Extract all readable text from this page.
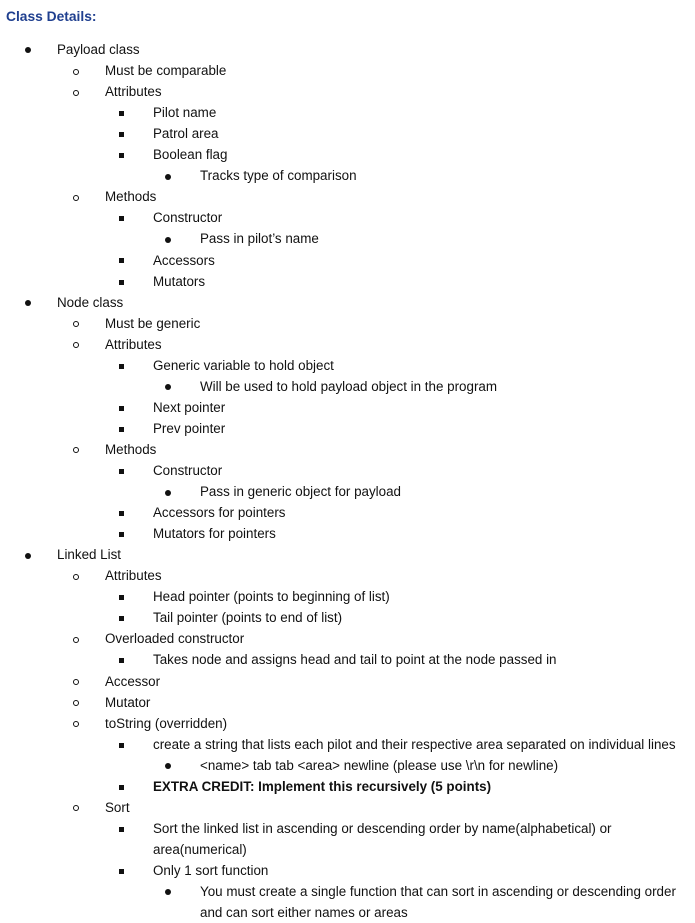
Class Details:
Payload class
Must be comparable
Attributes
Pilot name
Patrol area
Boolean flag
Tracks type of comparison
Methods
Constructor
Pass in pilot’s name
Accessors
Mutators
Node class
Must be generic
Attributes
Generic variable to hold object
Will be used to hold payload object in the program
Next pointer
Prev pointer
Methods
Constructor
Pass in generic object for payload
Accessors for pointers
Mutators for pointers
Linked List
Attributes
Head pointer (points to beginning of list)
Tail pointer (points to end of list)
Overloaded constructor
Takes node and assigns head and tail to point at the node passed in
Accessor
Mutator
toString (overridden)
create a string that lists each pilot and their respective area separated on individual lines
<name> tab tab <area> newline (please use \r\n for newline)
EXTRA CREDIT: Implement this recursively (5 points)
Sort
Sort the linked list in ascending or descending order by name(alphabetical) or
area(numerical)
Only 1 sort function
You must create a single function that can sort in ascending or descending order
and can sort either names or areas
